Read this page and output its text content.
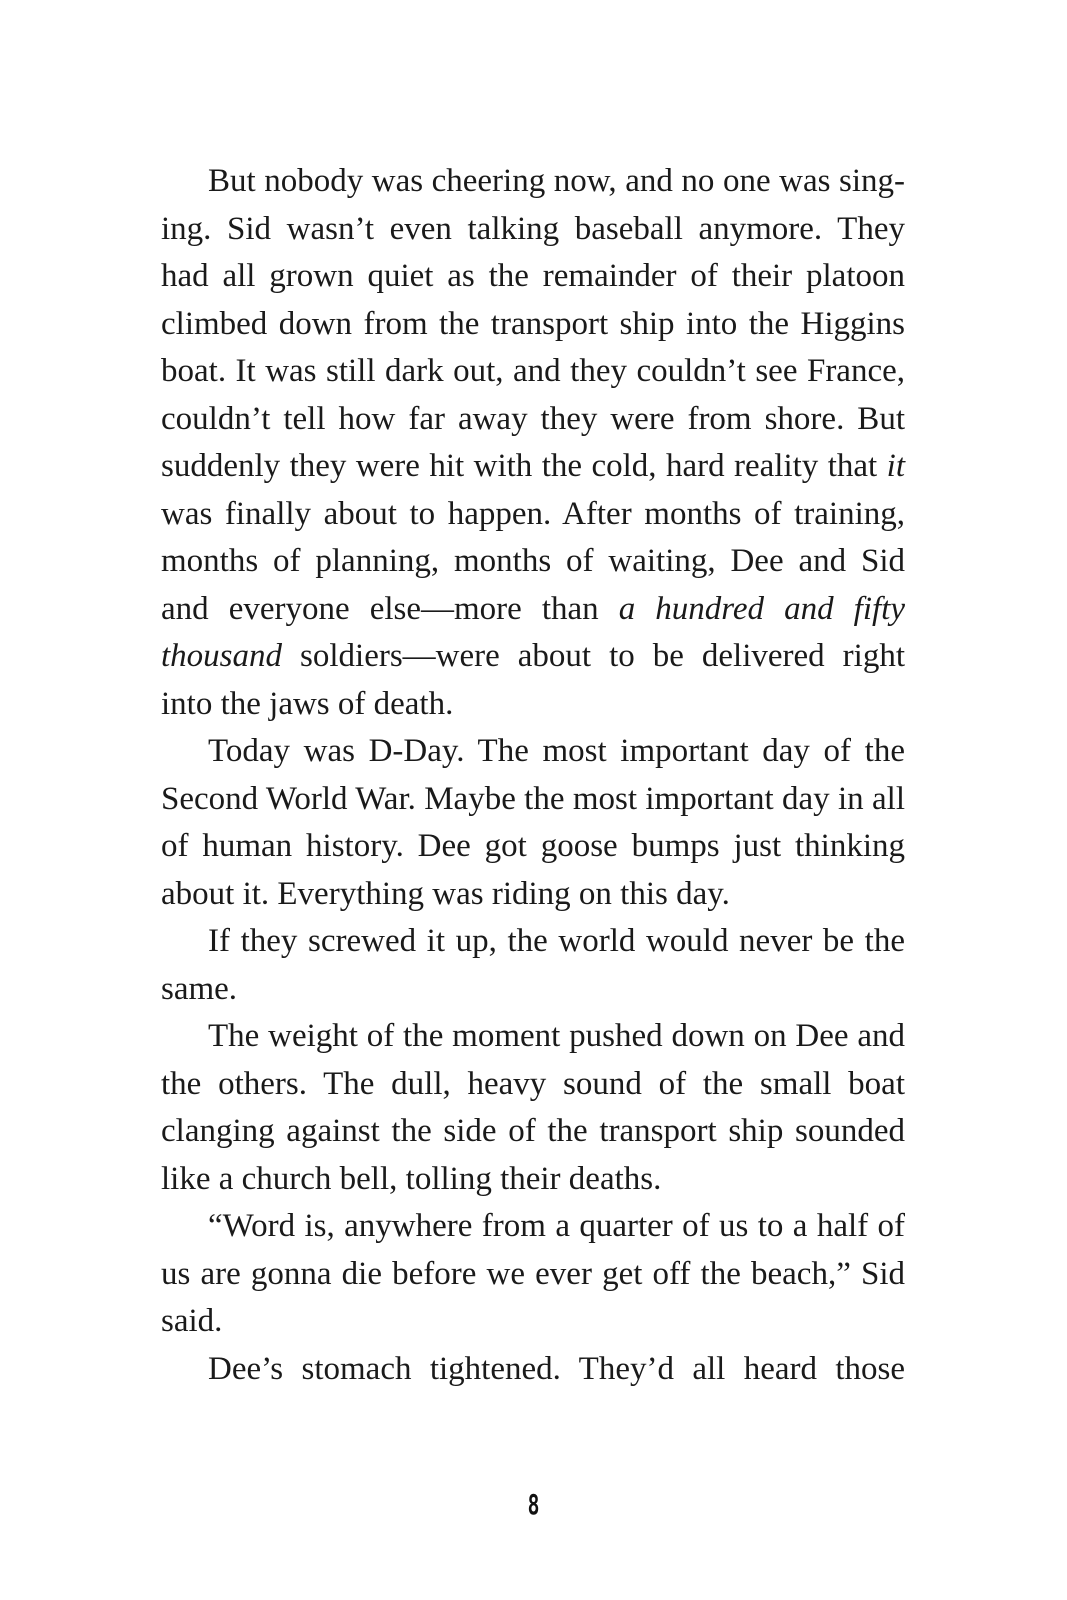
But nobody was cheering now, and no one was singing. Sid wasn’t even talking baseball anymore. They had all grown quiet as the remainder of their platoon climbed down from the transport ship into the Higgins boat. It was still dark out, and they couldn’t see France, couldn’t tell how far away they were from shore. But suddenly they were hit with the cold, hard reality that it was finally about to happen. After months of training, months of planning, months of waiting, Dee and Sid and everyone else—more than a hundred and fifty thousand soldiers—were about to be delivered right into the jaws of death.

Today was D-Day. The most important day of the Second World War. Maybe the most important day in all of human history. Dee got goose bumps just thinking about it. Everything was riding on this day.

If they screwed it up, the world would never be the same.

The weight of the moment pushed down on Dee and the others. The dull, heavy sound of the small boat clanging against the side of the transport ship sounded like a church bell, tolling their deaths.

“Word is, anywhere from a quarter of us to a half of us are gonna die before we ever get off the beach,” Sid said.

Dee’s stomach tightened. They’d all heard those

8
